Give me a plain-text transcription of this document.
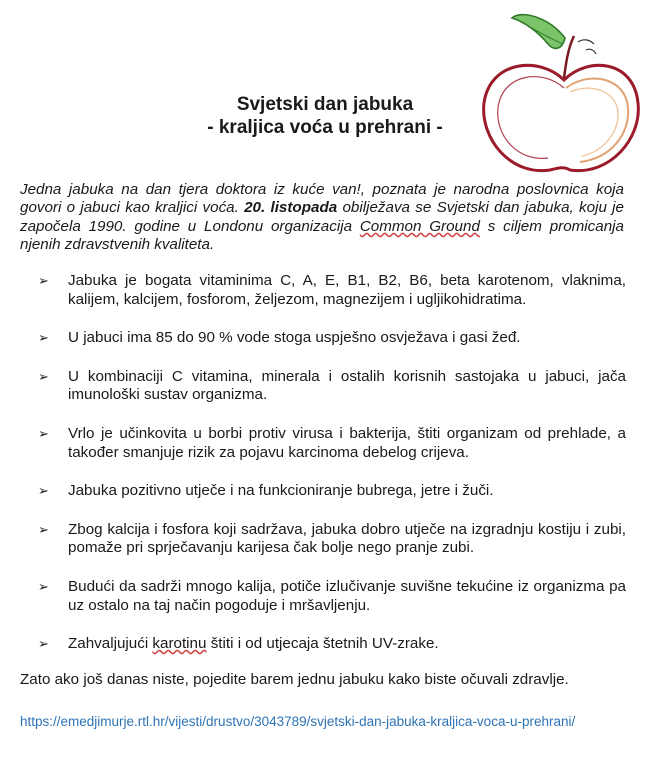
Svjetski dan jabuka
- kraljica voća u prehrani -
Jedna jabuka na dan tjera doktora iz kuće van!, poznata je narodna poslovnica koja govori o jabuci kao kraljici voća. 20. listopada obilježava se Svjetski dan jabuka, koju je započela 1990. godine u Londonu organizacija Common Ground s ciljem promicanja njenih zdravstvenih kvaliteta.
➢ Jabuka je bogata vitaminima C, A, E, B1, B2, B6, beta karotenom, vlaknima, kalijem, kalcijem, fosforom, željezom, magnezijem i ugljikohidratima.
➢ U jabuci ima 85 do 90 % vode stoga uspješno osvježava i gasi žeđ.
➢ U kombinaciji C vitamina, minerala i ostalih korisnih sastojaka u jabuci, jača imunološki sustav organizma.
➢ Vrlo je učinkovita u borbi protiv virusa i bakterija, štiti organizam od prehlade, a također smanjuje rizik za pojavu karcinoma debelog crijeva.
➢ Jabuka pozitivno utječe i na funkcioniranje bubrega, jetre i žuči.
➢ Zbog kalcija i fosfora koji sadržava, jabuka dobro utječe na izgradnju kostiju i zubi, pomaže pri sprječavanju karijesa čak bolje nego pranje zubi.
➢ Budući da sadrži mnogo kalija, potiče izlučivanje suvišne tekućine iz organizma pa uz ostalo na taj način pogoduje i mršavljenju.
➢ Zahvaljujući karotinu štiti i od utjecaja štetnih UV-zrake.
Zato ako još danas niste, pojedite barem jednu jabuku kako biste očuvali zdravlje.
https://emedjimurje.rtl.hr/vijesti/drustvo/3043789/svjetski-dan-jabuka-kraljica-voca-u-prehrani/
